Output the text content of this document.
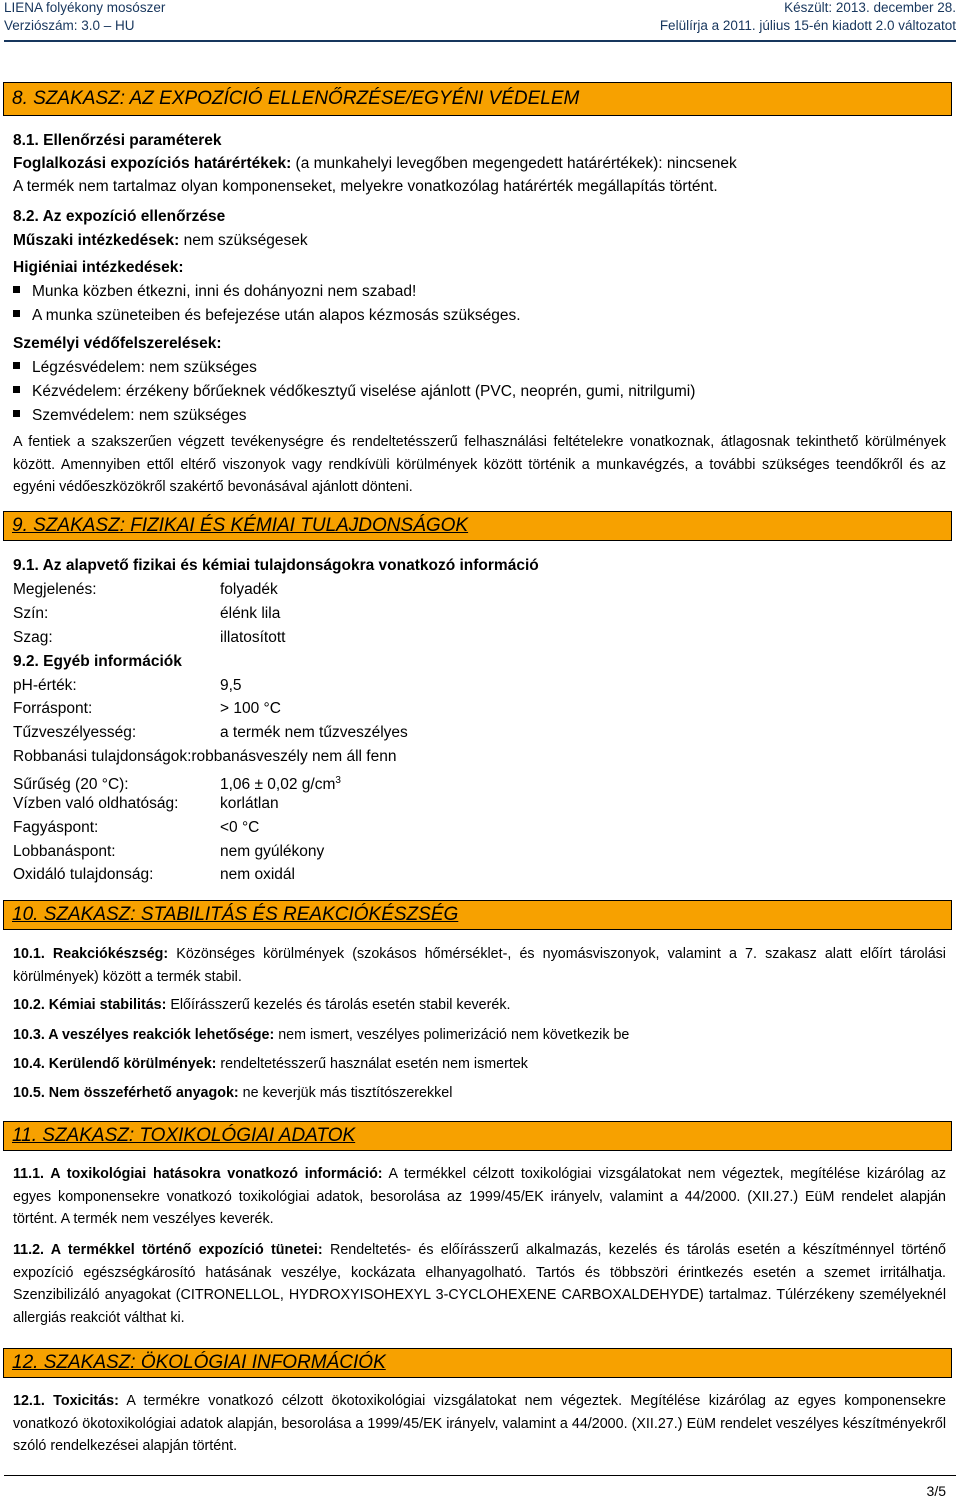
LIENA folyékony mosószer	Készült: 2013. december 28.
Verziószám: 3.0 – HU	Felülírja a 2011. július 15-én kiadott 2.0 változatot
8. SZAKASZ: AZ EXPOZÍCIÓ ELLENŐRZÉSE/EGYÉNI VÉDELEM
8.1. Ellenőrzési paraméterek
Foglalkozási expozíciós határértékek: (a munkahelyi levegőben megengedett határértékek): nincsenek
A termék nem tartalmaz olyan komponenseket, melyekre vonatkozólag határérték megállapítás történt.
8.2. Az expozíció ellenőrzése
Műszaki intézkedések: nem szükségesek
Higiéniai intézkedések:
Munka közben étkezni, inni és dohányozni nem szabad!
A munka szüneteiben és befejezése után alapos kézmosás szükséges.
Személyi védőfelszerelések:
Légzésvédelem: nem szükséges
Kézvédelem: érzékeny bőrűeknek védőkesztyű viselése ajánlott (PVC, neoprén, gumi, nitrilgumi)
Szemvédelem: nem szükséges
A fentiek a szakszerűen végzett tevékenységre és rendeltetésszerű felhasználási feltételekre vonatkoznak, átlagosnak tekinthető körülmények között. Amennyiben ettől eltérő viszonyok vagy rendkívüli körülmények között történik a munkavégzés, a további szükséges teendőkről és az egyéni védőeszközökről szakértő bevonásával ajánlott dönteni.
9. SZAKASZ: FIZIKAI ÉS KÉMIAI TULAJDONSÁGOK
9.1. Az alapvető fizikai és kémiai tulajdonságokra vonatkozó információ
Megjelenés:	folyadék
Szín:	élénk lila
Szag:	illatosított
9.2. Egyéb információk
pH-érték:	9,5
Forráspont:	> 100 °C
Tűzveszélyesség:	a termék nem tűzveszélyes
Robbanási tulajdonságok:robbanásveszély nem áll fenn
Sűrűség (20 °C):	1,06 ± 0,02 $g/cm^3$
Vízben való oldhatóság:	korlátlan
Fagyáspont:	<0 °C
Lobbanáspont:	nem gyúlékony
Oxidáló tulajdonság:	nem oxidál
10. SZAKASZ: STABILITÁS ÉS REAKCIÓKÉSZSÉG
10.1. Reakciókészség: Közönséges körülmények (szokásos hőmérséklet-, és nyomásviszonyok, valamint a 7. szakasz alatt előírt tárolási körülmények) között a termék stabil.
10.2. Kémiai stabilitás: Előírásszerű kezelés és tárolás esetén stabil keverék.
10.3. A veszélyes reakciók lehetősége: nem ismert, veszélyes polimerizáció nem következik be
10.4. Kerülendő körülmények: rendeltetésszerű használat esetén nem ismertek
10.5. Nem összeférhető anyagok: ne keverjük más tisztítószerekkel
11. SZAKASZ: TOXIKOLÓGIAI ADATOK
11.1. A toxikológiai hatásokra vonatkozó információ: A termékkel célzott toxikológiai vizsgálatokat nem végeztek, megítélése kizárólag az egyes komponensekre vonatkozó toxikológiai adatok, besorolása az 1999/45/EK irányelv, valamint a 44/2000. (XII.27.) EüM rendelet alapján történt. A termék nem veszélyes keverék.
11.2. A termékkel történő expozíció tünetei: Rendeltetés- és előírásszerű alkalmazás, kezelés és tárolás esetén a készítménnyel történő expozíció egészségkárosító hatásának veszélye, kockázata elhanyagolható. Tartós és többszöri érintkezés esetén a szemet irritálhatja. Szenzibilizáló anyagokat (CITRONELLOL, HYDROXYISOHEXYL 3-CYCLOHEXENE CARBOXALDEHYDE) tartalmaz. Túlérzékeny személyeknél allergiás reakciót válthat ki.
12. SZAKASZ: ÖKOLÓGIAI INFORMÁCIÓK
12.1. Toxicitás: A termékre vonatkozó célzott ökotoxikológiai vizsgálatokat nem végeztek. Megítélése kizárólag az egyes komponensekre vonatkozó ökotoxikológiai adatok alapján, besorolása a 1999/45/EK irányelv, valamint a 44/2000. (XII.27.) EüM rendelet veszélyes készítményekről szóló rendelkezései alapján történt.
3/5
